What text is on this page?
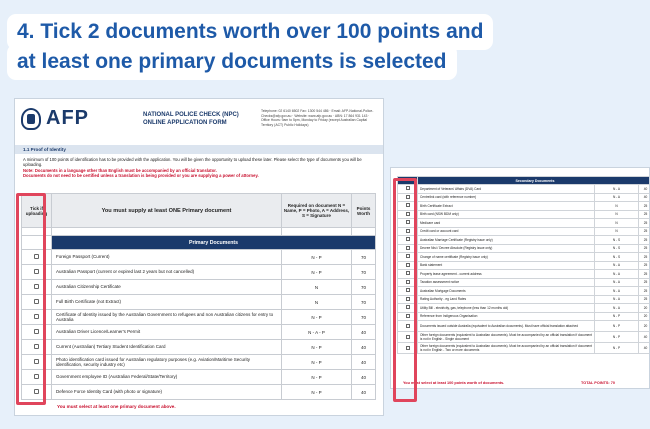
4. Tick 2 documents worth over 100 points and
at least one primary documents is selected
AFP	NATIONAL POLICE CHECK (NPC)
ONLINE APPLICATION FORM
Telephone: 02 6140 6502 Fax: 1300 544 486 · Email: AFP-National-Police-Checks@afp.gov.au · Website: www.afp.gov.au · ABN: 17 864 931 143 · Office Hours: 9am to 5pm, Monday to Friday (except Australian Capital Territory (ACT) Public Holidays)
1.1 Proof of Identity
A minimum of 100 points of identification has to be provided with the application. You will be given the opportunity to upload these later. Please select the type of documents you will be uploading.
Note: Documents in a language other than English must be accompanied by an official translator.
Documents do not need to be certified unless a translation is being provided or you are supplying a power of attorney.
Tick if uploading	You must supply at least ONE Primary document	Required on document N = Name, P = Photo, A = Address, S = Signature	Points Worth

	Primary Documents		
	Foreign Passport (Current)	N - P	70
	Australian Passport (current or expired last 2 years but not cancelled)	N - P	70
	Australian Citizenship Certificate	N	70
	Full Birth Certificate (not Extract)	N	70
	Certificate of Identity issued by the Australian Government to refugees and non Australian citizens for entry to Australia	N - P	70
	Australian Driver Licence/Learner's Permit	N - A - P	40
	Current (Australian) Tertiary Student Identification Card	N - P	40
	Photo identification card issued for Australian regulatory purposes (e.g. Aviation/Maritime Security identification, security industry etc)	N - P	40
	Government employee ID (Australian Federal/State/Territory)	N - P	40
	Defence Force Identity Card (with photo or signature)	N - P	40
You must select at least one primary document above.
	Secondary Documents		
	Department of Veterans' Affairs (DVA) Card	N - A	40
	Centrelink card (with reference number)	N - A	40
	Birth Certificate Extract	N	25
	Birth card (NSW BDM only)	N	25
	Medicare card	N	25
	Credit card or account card	N	25
	Australian Marriage Certificate (Registry issue only)	N - S	25
	Decree Nisi / Decree Absolute (Registry issue only)	N - S	25
	Change of name certificate (Registry issue only)	N - S	25
	Bank statement	N - A	25
	Property lease agreement - current address	N - A	25
	Taxation assessment notice	N - A	25
	Australian Mortgage Documents	N - A	25
	Rating Authority - eg Land Rates	N - A	25
	Utility Bill - electricity, gas, telephone (less than 12 months old)	N - A	20
	Reference from Indigenous Organisation	N - P	20
	Documents issued outside Australia (equivalent to Australian documents). Must have official translation attached	N - P	20
	Other foreign documents (equivalent to Australian documents). Must be accompanied by an official translation if document is not in English - Single document	N - P	40
	Other foreign documents (equivalent to Australian documents). Must be accompanied by an official translation if document is not in English - Two or more documents	N - P	40
You must select at least 100 points worth of documents.	TOTAL POINTS: 70
